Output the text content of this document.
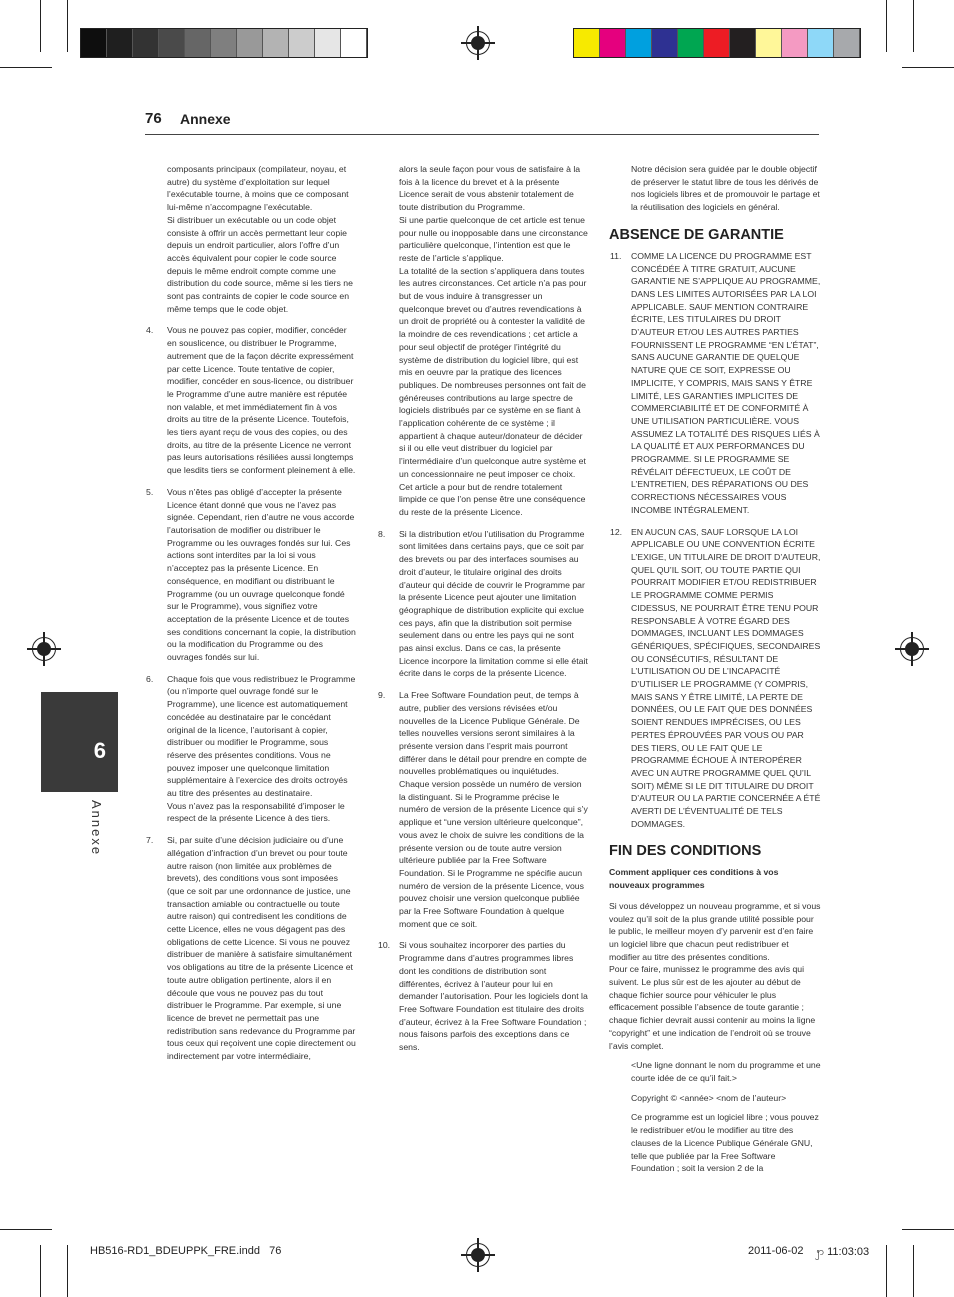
76 Annexe
6
Annexe

composants principaux (compilateur, noyau, et autre) du système d’exploitation sur lequel l’exécutable tourne, à moins que ce composant lui-même n’accompagne l’exécutable.

Si distribuer un exécutable ou un code objet consiste à offrir un accès permettant leur copie depuis un endroit particulier, alors l’offre d’un accès équivalent pour copier le code source depuis le même endroit compte comme une distribution du code source, même si les tiers ne sont pas contraints de copier le code source en même temps que le code objet.

4. Vous ne pouvez pas copier, modifier, concéder en souslicence, ou distribuer le Programme, autrement que de la façon décrite expressément par cette Licence. Toute tentative de copier, modifier, concéder en sous-licence, ou distribuer le Programme d’une autre manière est réputée non valable, et met immédiatement fin à vos droits au titre de la présente Licence. Toutefois, les tiers ayant reçu de vous des copies, ou des droits, au titre de la présente Licence ne verront pas leurs autorisations résiliées aussi longtemps que lesdits tiers se conforment pleinement à elle.

5. Vous n’êtes pas obligé d’accepter la présente Licence étant donné que vous ne l’avez pas signée. Cependant, rien d’autre ne vous accorde l’autorisation de modifier ou distribuer le Programme ou les ouvrages fondés sur lui. Ces actions sont interdites par la loi si vous n’acceptez pas la présente Licence. En conséquence, en modifiant ou distribuant le Programme (ou un ouvrage quelconque fondé sur le Programme), vous signifiez votre acceptation de la présente Licence et de toutes ses conditions concernant la copie, la distribution ou la modification du Programme ou des ouvrages fondés sur lui.

6. Chaque fois que vous redistribuez le Programme (ou n’importe quel ouvrage fondé sur le Programme), une licence est automatiquement concédée au destinataire par le concédant original de la licence, l’autorisant à copier, distribuer ou modifier le Programme, sous réserve des présentes conditions. Vous ne pouvez imposer une quelconque limitation supplémentaire à l’exercice des droits octroyés au titre des présentes au destinataire.

Vous n’avez pas la responsabilité d’imposer le respect de la présente Licence à des tiers.

7. Si, par suite d’une décision judiciaire ou d’une allégation d’infraction d’un brevet ou pour toute autre raison (non limitée aux problèmes de brevets), des conditions vous sont imposées (que ce soit par une ordonnance de justice, une transaction amiable ou contractuelle ou toute autre raison) qui contredisent les conditions de cette Licence, elles ne vous dégagent pas des obligations de cette Licence. Si vous ne pouvez distribuer de manière à satisfaire simultanément vos obligations au titre de la présente Licence et toute autre obligation pertinente, alors il en découle que vous ne pouvez pas du tout distribuer le Programme. Par exemple, si une licence de brevet ne permettait pas une redistribution sans redevance du Programme par tous ceux qui reçoivent une copie directement ou indirectement par votre intermédiaire,

alors la seule façon pour vous de satisfaire à la fois à la licence du brevet et à la présente Licence serait de vous abstenir totalement de toute distribution du Programme.

Si une partie quelconque de cet article est tenue pour nulle ou inopposable dans une circonstance particulière quelconque, l’intention est que le reste de l’article s’applique.

La totalité de la section s’appliquera dans toutes les autres circonstances. Cet article n’a pas pour but de vous induire à transgresser un quelconque brevet ou d’autres revendications à un droit de propriété ou à contester la validité de la moindre de ces revendications ; cet article a pour seul objectif de protéger l’intégrité du système de distribution du logiciel libre, qui est mis en oeuvre par la pratique des licences publiques. De nombreuses personnes ont fait de généreuses contributions au large spectre de logiciels distribués par ce système en se fiant à l’application cohérente de ce système ; il appartient à chaque auteur/donateur de décider si il ou elle veut distribuer du logiciel par l’intermédiaire d’un quelconque autre système et un concessionnaire ne peut imposer ce choix.

Cet article a pour but de rendre totalement limpide ce que l’on pense être une conséquence du reste de la présente Licence.

8. Si la distribution et/ou l’utilisation du Programme sont limitées dans certains pays, que ce soit par des brevets ou par des interfaces soumises au droit d’auteur, le titulaire original des droits d’auteur qui décide de couvrir le Programme par la présente Licence peut ajouter une limitation géographique de distribution explicite qui exclue ces pays, afin que la distribution soit permise seulement dans ou entre les pays qui ne sont pas ainsi exclus. Dans ce cas, la présente Licence incorpore la limitation comme si elle était écrite dans le corps de la présente Licence.

9. La Free Software Foundation peut, de temps à autre, publier des versions révisées et/ou nouvelles de la Licence Publique Générale. De telles nouvelles versions seront similaires à la présente version dans l’esprit mais pourront différer dans le détail pour prendre en compte de nouvelles problématiques ou inquiétudes.

Chaque version possède un numéro de version la distinguant. Si le Programme précise le numéro de version de la présente Licence qui s’y applique et “une version ultérieure quelconque”, vous avez le choix de suivre les conditions de la présente version ou de toute autre version ultérieure publiée par la Free Software Foundation. Si le Programme ne spécifie aucun numéro de version de la présente Licence, vous pouvez choisir une version quelconque publiée par la Free Software Foundation à quelque moment que ce soit.

10. Si vous souhaitez incorporer des parties du Programme dans d’autres programmes libres dont les conditions de distribution sont différentes, écrivez à l’auteur pour lui en demander l’autorisation. Pour les logiciels dont la Free Software Foundation est titulaire des droits d’auteur, écrivez à la Free Software Foundation ; nous faisons parfois des exceptions dans ce sens.

Notre décision sera guidée par le double objectif de préserver le statut libre de tous les dérivés de nos logiciels libres et de promouvoir le partage et la réutilisation des logiciels en général.

ABSENCE DE GARANTIE
11. COMME LA LICENCE DU PROGRAMME EST CONCÉDÉE À TITRE GRATUIT, AUCUNE GARANTIE NE S’APPLIQUE AU PROGRAMME, DANS LES LIMITES AUTORISÉES PAR LA LOI APPLICABLE. SAUF MENTION CONTRAIRE ÉCRITE, LES TITULAIRES DU DROIT D’AUTEUR ET/OU LES AUTRES PARTIES FOURNISSENT LE PROGRAMME “EN L’ÉTAT”, SANS AUCUNE GARANTIE DE QUELQUE NATURE QUE CE SOIT, EXPRESSE OU IMPLICITE, Y COMPRIS, MAIS SANS Y ÊTRE LIMITÉ, LES GARANTIES IMPLICITES DE COMMERCIABILITÉ ET DE CONFORMITÉ À UNE UTILISATION PARTICULIÈRE. VOUS ASSUMEZ LA TOTALITÉ DES RISQUES LIÉS À LA QUALITÉ ET AUX PERFORMANCES DU PROGRAMME. SI LE PROGRAMME SE RÉVÉLAIT DÉFECTUEUX, LE COÛT DE L’ENTRETIEN, DES RÉPARATIONS OU DES CORRECTIONS NÉCESSAIRES VOUS INCOMBE INTÉGRALEMENT.

12. EN AUCUN CAS, SAUF LORSQUE LA LOI APPLICABLE OU UNE CONVENTION ÉCRITE L’EXIGE, UN TITULAIRE DE DROIT D’AUTEUR, QUEL QU’IL SOIT, OU TOUTE PARTIE QUI POURRAIT MODIFIER ET/OU REDISTRIBUER LE PROGRAMME COMME PERMIS CIDESSUS, NE POURRAIT ÊTRE TENU POUR RESPONSABLE À VOTRE ÉGARD DES DOMMAGES, INCLUANT LES DOMMAGES GÉNÉRIQUES, SPÉCIFIQUES, SECONDAIRES OU CONSÉCUTIFS, RÉSULTANT DE L’UTILISATION OU DE L’INCAPACITÉ D’UTILISER LE PROGRAMME (Y COMPRIS, MAIS SANS Y ÊTRE LIMITÉ, LA PERTE DE DONNÉES, OU LE FAIT QUE DES DONNÉES SOIENT RENDUES IMPRÉCISES, OU LES PERTES ÉPROUVÉES PAR VOUS OU PAR DES TIERS, OU LE FAIT QUE LE PROGRAMME ÉCHOUE À INTEROPÉRER AVEC UN AUTRE PROGRAMME QUEL QU’IL SOIT) MÊME SI LE DIT TITULAIRE DU DROIT D’AUTEUR OU LA PARTIE CONCERNÉE A ÉTÉ AVERTI DE L’ÉVENTUALITÉ DE TELS DOMMAGES.

FIN DES CONDITIONS
Comment appliquer ces conditions à vos nouveaux programmes

Si vous développez un nouveau programme, et si vous voulez qu’il soit de la plus grande utilité possible pour le public, le meilleur moyen d’y parvenir est d’en faire un logiciel libre que chacun peut redistribuer et modifier au titre des présentes conditions.

Pour ce faire, munissez le programme des avis qui suivent. Le plus sûr est de les ajouter au début de chaque fichier source pour véhiculer le plus efficacement possible l’absence de toute garantie ; chaque fichier devrait aussi contenir au moins la ligne “copyright” et une indication de l’endroit où se trouve l’avis complet.

<Une ligne donnant le nom du programme et une courte idée de ce qu’il fait.>

Copyright © <année> <nom de l’auteur>

Ce programme est un logiciel libre ; vous pouvez le redistribuer et/ou le modifier au titre des clauses de la Licence Publique Générale GNU, telle que publiée par la Free Software Foundation ; soit la version 2 de la

HB516-RD1_BDEUPPK_FRE.indd   76	2011-06-02 ꩭ 11:03:03
